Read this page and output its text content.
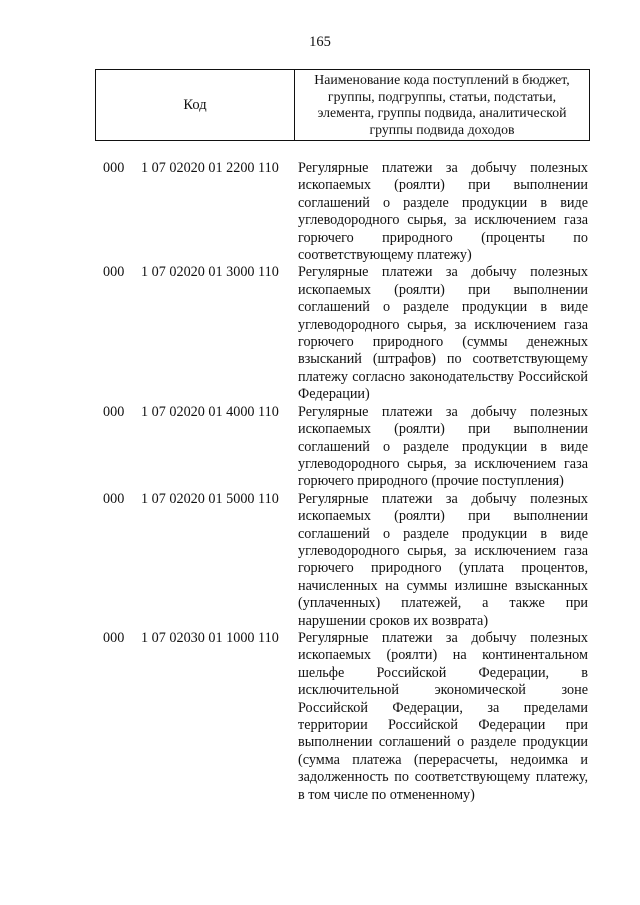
165
Код
Наименование кода поступлений в бюджет,
группы, подгруппы, статьи, подстатьи,
элемента, группы подвида, аналитической
группы подвида доходов
000 1 07 02020 01 2200 110 Регулярные платежи за добычу полезных ископаемых (роялти) при выполнении соглашений о разделе продукции в виде углеводородного сырья, за исключением газа горючего природного (проценты по соответствующему платежу)
000 1 07 02020 01 3000 110 Регулярные платежи за добычу полезных ископаемых (роялти) при выполнении соглашений о разделе продукции в виде углеводородного сырья, за исключением газа горючего природного (суммы денежных взысканий (штрафов) по соответствующему платежу согласно законодательству Российской Федерации)
000 1 07 02020 01 4000 110 Регулярные платежи за добычу полезных ископаемых (роялти) при выполнении соглашений о разделе продукции в виде углеводородного сырья, за исключением газа горючего природного (прочие поступления)
000 1 07 02020 01 5000 110 Регулярные платежи за добычу полезных ископаемых (роялти) при выполнении соглашений о разделе продукции в виде углеводородного сырья, за исключением газа горючего природного (уплата процентов, начисленных на суммы излишне взысканных (уплаченных) платежей, а также при нарушении сроков их возврата)
000 1 07 02030 01 1000 110 Регулярные платежи за добычу полезных ископаемых (роялти) на континентальном шельфе Российской Федерации, в исключительной экономической зоне Российской Федерации, за пределами территории Российской Федерации при выполнении соглашений о разделе продукции (сумма платежа (перерасчеты, недоимка и задолженность по соответствующему платежу, в том числе по отмененному)
